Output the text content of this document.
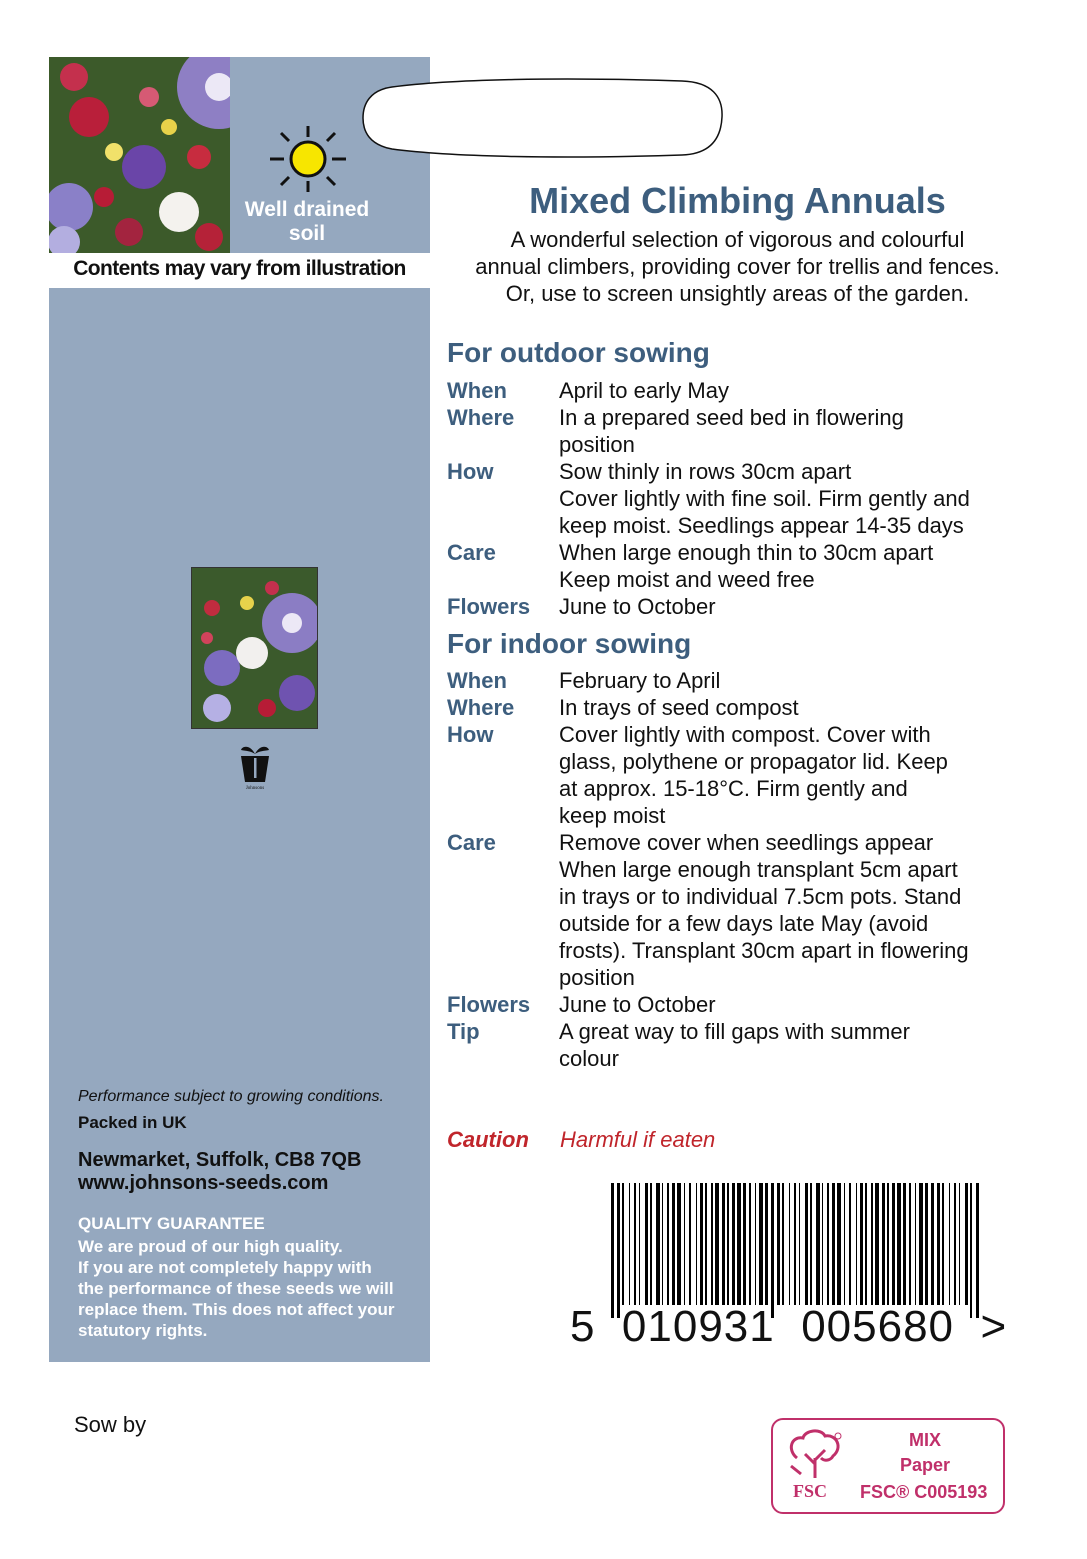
Well drained
soil
Contents may vary from illustration
Johnsons
Performance subject to growing conditions.
Packed in UK
Newmarket, Suffolk, CB8 7QB
www.johnsons-seeds.com
QUALITY GUARANTEE
We are proud of our high quality.
If you are not completely happy with
the performance of these seeds we will
replace them. This does not affect your
statutory rights.
Mixed Climbing Annuals
A wonderful selection of vigorous and colourful
annual climbers, providing cover for trellis and fences.
Or, use to screen unsightly areas of the garden.
For outdoor sowing
When	April to early May
Where	In a prepared seed bed in flowering
position
How	Sow thinly in rows 30cm apart
Cover lightly with fine soil. Firm gently and
keep moist. Seedlings appear 14-35 days
Care	When large enough thin to 30cm apart
Keep moist and weed free
Flowers	June to October
For indoor sowing
When	February to April
Where	In trays of seed compost
How	Cover lightly with compost. Cover with
glass, polythene or propagator lid. Keep
at approx. 15-18°C. Firm gently and
keep moist
Care	Remove cover when seedlings appear
When large enough transplant 5cm apart
in trays or to individual 7.5cm pots. Stand
outside for a few days late May (avoid
frosts). Transplant 30cm apart in flowering
position
Flowers	June to October
Tip	A great way to fill gaps with summer
colour
Caution Harmful if eaten
5  010931  005680  >
Sow by
FSC
MIX
Paper
FSC® C005193
